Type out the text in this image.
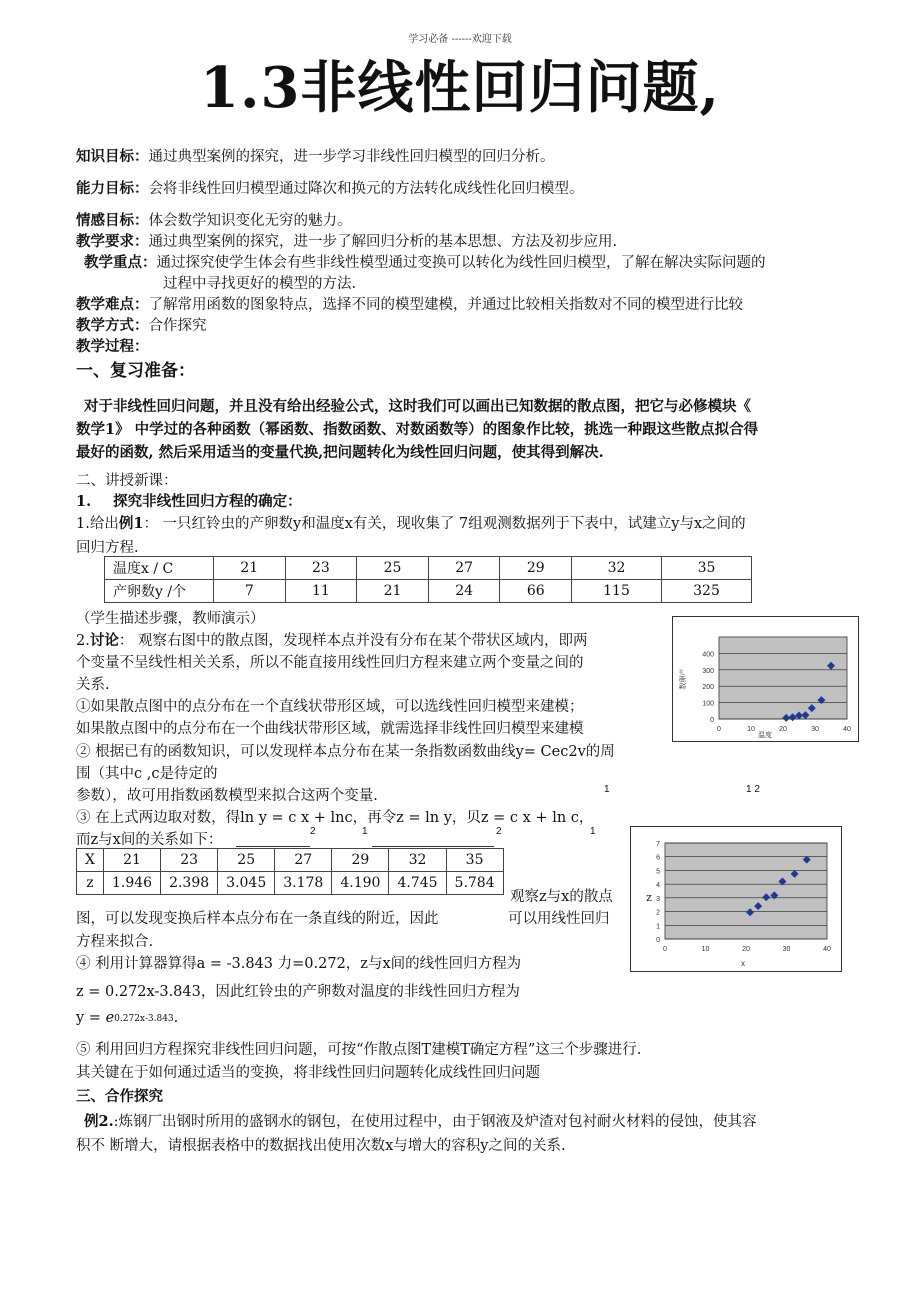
学习必备 ------欢迎下载
1.3非线性回归问题,
知识目标：通过典型案例的探究，进一步学习非线性回归模型的回归分析。
能力目标：会将非线性回归模型通过降次和换元的方法转化成线性化回归模型。
情感目标：体会数学知识变化无穷的魅力。
教学要求：通过典型案例的探究，进一步了解回归分析的基本思想、方法及初步应用.
教学重点：通过探究使学生体会有些非线性模型通过变换可以转化为线性回归模型，了解在解决实际问题的
过程中寻找更好的模型的方法.
教学难点：了解常用函数的图象特点，选择不同的模型建模，并通过比较相关指数对不同的模型进行比较
教学方式：合作探究
教学过程：
一、复习准备：
对于非线性回归问题，并且没有给出经验公式，这时我们可以画出已知数据的散点图，把它与必修模块《
数学1》 中学过的各种函数（幂函数、指数函数、对数函数等）的图象作比较，挑选一种跟这些散点拟合得
最好的函数, 然后采用适当的变量代换,把问题转化为线性回归问题，使其得到解决.
二、讲授新课：
1. 探究非线性回归方程的确定：
1.给出例1： 一只红铃虫的产卵数y和温度x有关，现收集了 7组观测数据列于下表中，试建立y与x之间的
回归方程.
温度x / C	21	23	25	27	29	32	35
产卵数y /个	7	11	21	24	66	115	325
（学生描述步骤，教师演示）
2.讨论： 观察右图中的散点图，发现样本点并没有分布在某个带状区域内，即两
个变量不呈线性相关关系，所以不能直接用线性回归方程来建立两个变量之间的
关系.
①如果散点图中的点分布在一个直线状带形区域，可以选线性回归模型来建模；
如果散点图中的点分布在一个曲线状带形区域，就需选择非线性回归模型来建模
② 根据已有的函数知识，可以发现样本点分布在某一条指数函数曲线y= Cec2v的周
围（其中c ,c是待定的
参数），故可用指数函数模型来拟合这两个变量.	1	1 2
③ 在上式两边取对数，得ln y = c x + lnc，再令z = ln y，贝z = c x + ln c，
而z与x间的关系如下：
2	1	2	1
0
100
200
300
400
0	10	20	30	40
温度
数卵产
X	21	23	25	27	29	32	35
z	1.946	2.398	3.045	3.178	4.190	4.745	5.784
0
1
2
3
4
5
6
7
0	10	20	30	40
x
z
观察z与x的散点
图，可以发现变换后样本点分布在一条直线的附近，因此	可以用线性回归
方程来拟合.
④ 利用计算器算得a = -3.843 力=0.272，z与x间的线性回归方程为
z = 0.272x-3.843，因此红铃虫的产卵数对温度的非线性回归方程为
y = e0.272x-3.843.
⑤ 利用回归方程探究非线性回归问题，可按“作散点图T建模T确定方程”这三个步骤进行.
其关键在于如何通过适当的变换，将非线性回归问题转化成线性回归问题
三、合作探究
例2.:炼钢厂出钢时所用的盛钢水的钢包，在使用过程中，由于钢液及炉渣对包衬耐火材料的侵蚀，使其容
积不 断增大，请根据表格中的数据找出使用次数x与增大的容积y之间的关系.
